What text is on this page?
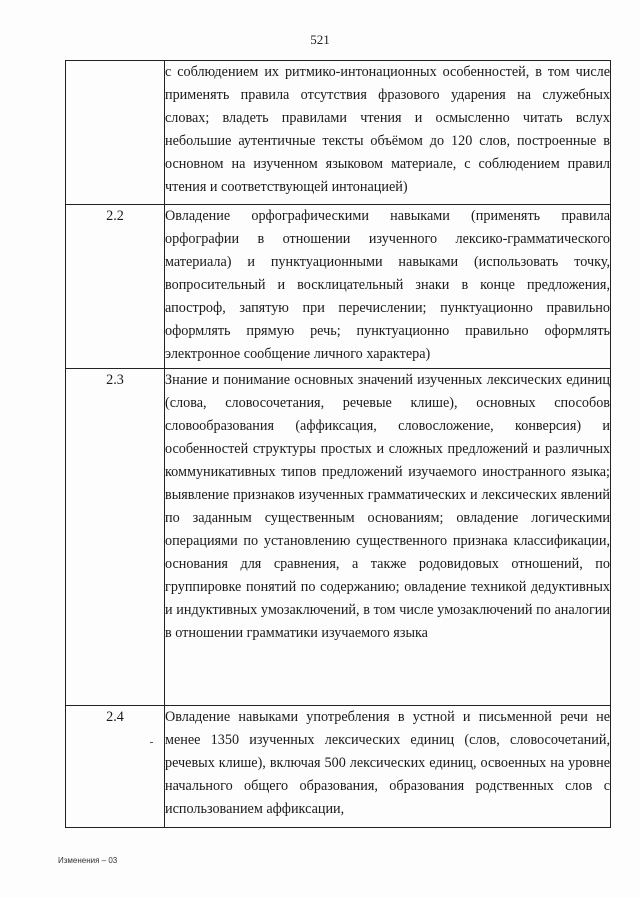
521
	с соблюдением их ритмико-интонационных особенностей, в том числе применять правила отсутствия фразового ударения на служебных словах; владеть правилами чтения и осмысленно читать вслух небольшие аутентичные тексты объёмом до 120 слов, построенные в основном на изученном языковом материале, с соблюдением правил чтения и соответствующей интонацией)
2.2	Овладение орфографическими навыками (применять правила орфографии в отношении изученного лексико-грамматического материала) и пунктуационными навыками (использовать точку, вопросительный и восклицательный знаки в конце предложения, апостроф, запятую при перечислении; пунктуационно правильно оформлять прямую речь; пунктуационно правильно оформлять электронное сообщение личного характера)
2.3	Знание и понимание основных значений изученных лексических единиц (слова, словосочетания, речевые клише), основных способов словообразования (аффиксация, словосложение, конверсия) и особенностей структуры простых и сложных предложений и различных коммуникативных типов предложений изучаемого иностранного языка; выявление признаков изученных грамматических и лексических явлений по заданным существенным основаниям; овладение логическими операциями по установлению существенного признака классификации, основания для сравнения, а также родовидовых отношений, по группировке понятий по содержанию; овладение техникой дедуктивных и индуктивных умозаключений, в том числе умозаключений по аналогии в отношении грамматики изучаемого языка
2.4	Овладение навыками употребления в устной и письменной речи не менее 1350 изученных лексических единиц (слов, словосочетаний, речевых клише), включая 500 лексических единиц, освоенных на уровне начального общего образования, образования родственных слов с использованием аффиксации,
Изменения – 03
